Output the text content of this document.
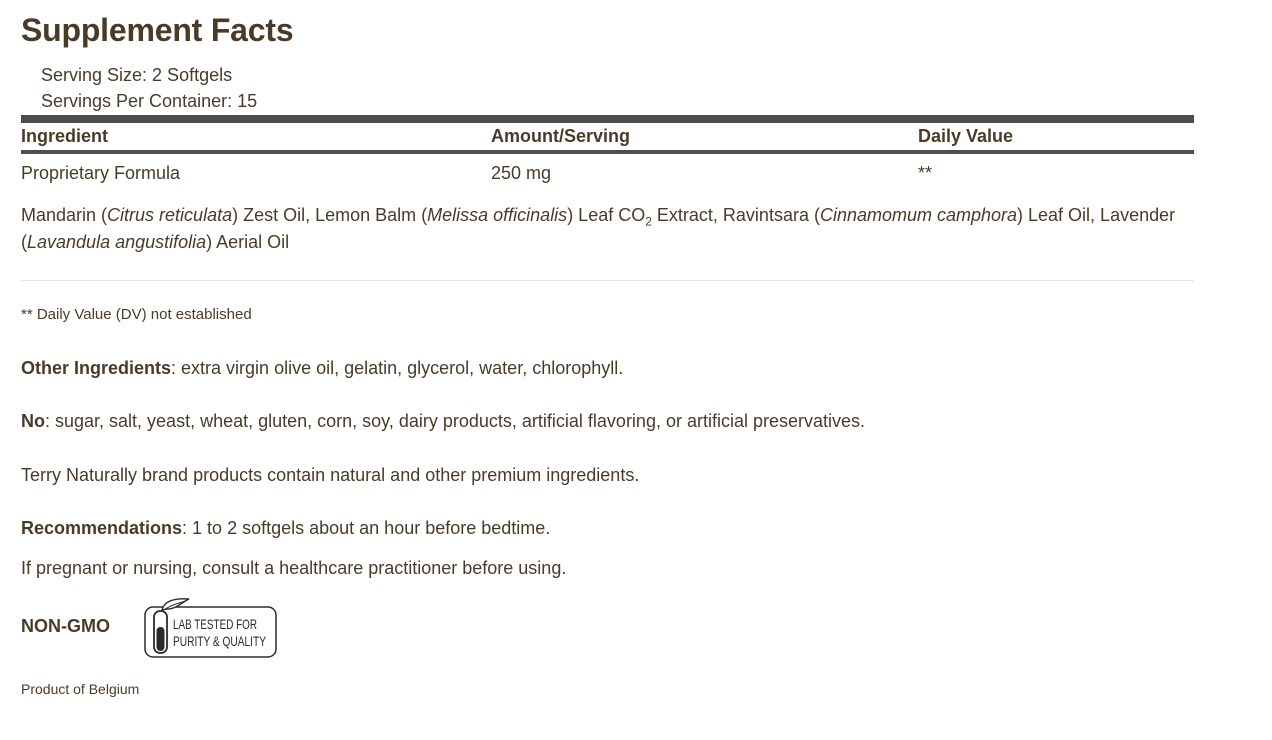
Supplement Facts
Serving Size: 2 Softgels
Servings Per Container: 15
Ingredient	Amount/Serving	Daily Value
Proprietary Formula	250 mg	**
Mandarin (Citrus reticulata) Zest Oil, Lemon Balm (Melissa officinalis) Leaf $CO_2$ Extract, Ravintsara (Cinnamomum camphora) Leaf Oil, Lavender (Lavandula angustifolia) Aerial Oil
** Daily Value (DV) not established
Other Ingredients: extra virgin olive oil, gelatin, glycerol, water, chlorophyll.
No: sugar, salt, yeast, wheat, gluten, corn, soy, dairy products, artificial flavoring, or artificial preservatives.
Terry Naturally brand products contain natural and other premium ingredients.
Recommendations: 1 to 2 softgels about an hour before bedtime.
If pregnant or nursing, consult a healthcare practitioner before using.
NON-GMO	LAB TESTED FOR
PURITY & QUALITY
Product of Belgium
